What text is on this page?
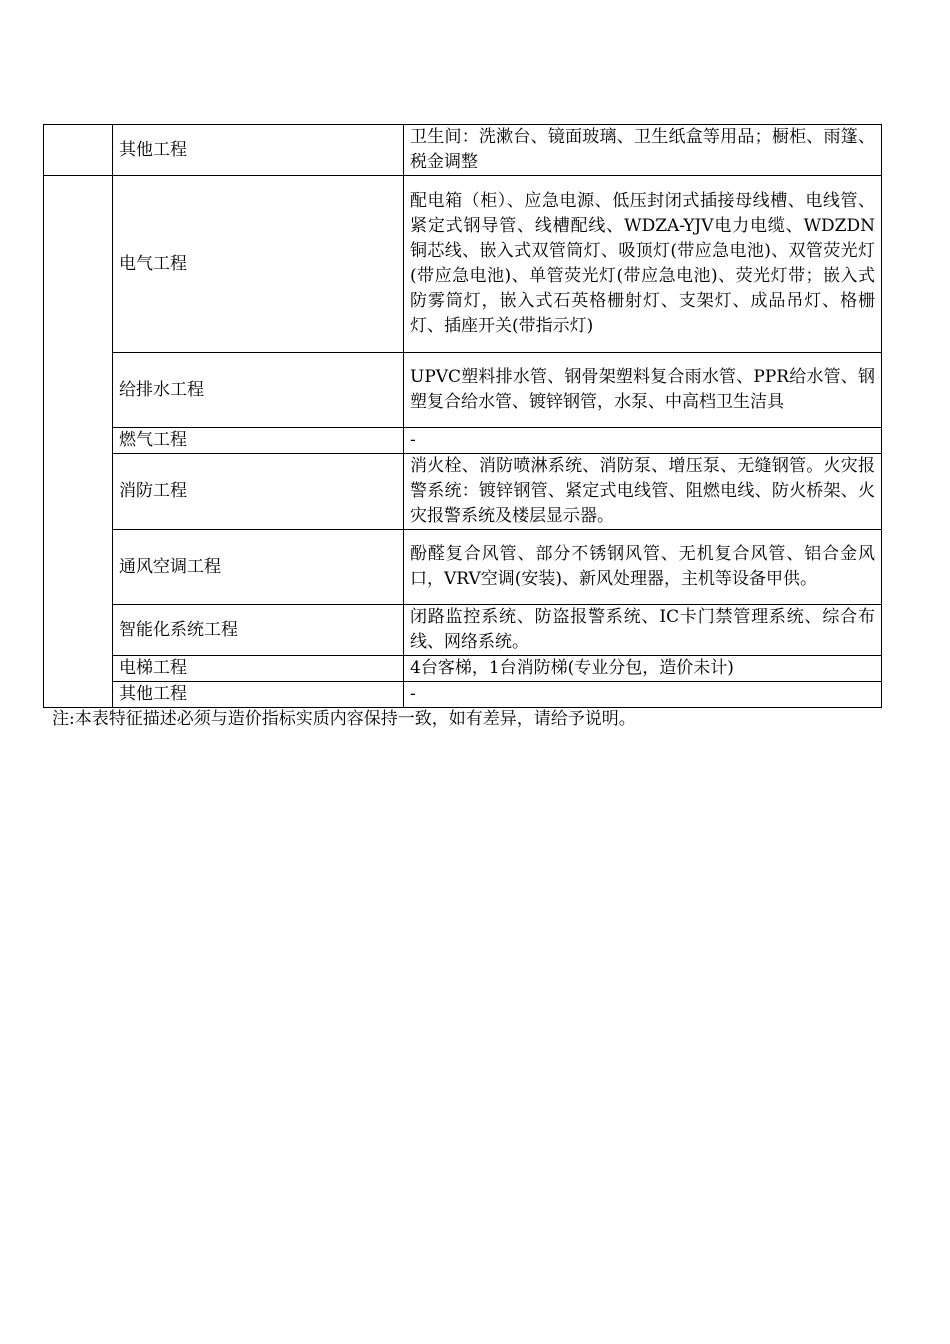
	其他工程	卫生间：洗漱台、镜面玻璃、卫生纸盒等用品；橱柜、雨篷、税金调整
	电气工程	配电箱（柜）、应急电源、低压封闭式插接母线槽、电线管、紧定式钢导管、线槽配线、WDZA-YJV电力电缆、WDZDN铜芯线、嵌入式双管筒灯、吸顶灯(带应急电池)、双管荧光灯(带应急电池)、单管荧光灯(带应急电池)、荧光灯带；嵌入式防雾筒灯，嵌入式石英格栅射灯、支架灯、成品吊灯、格栅灯、插座开关(带指示灯)
	给排水工程	UPVC塑料排水管、钢骨架塑料复合雨水管、PPR给水管、钢塑复合给水管、镀锌钢管，水泵、中高档卫生洁具
	燃气工程	-
	消防工程	消火栓、消防喷淋系统、消防泵、增压泵、无缝钢管。火灾报警系统：镀锌钢管、紧定式电线管、阻燃电线、防火桥架、火灾报警系统及楼层显示器。
	通风空调工程	酚醛复合风管、部分不锈钢风管、无机复合风管、铝合金风口，VRV空调(安装)、新风处理器，主机等设备甲供。
	智能化系统工程	闭路监控系统、防盗报警系统、IC卡门禁管理系统、综合布线、网络系统。
	电梯工程	4台客梯，1台消防梯(专业分包，造价未计)
	其他工程	-
注:本表特征描述必须与造价指标实质内容保持一致，如有差异，请给予说明。
